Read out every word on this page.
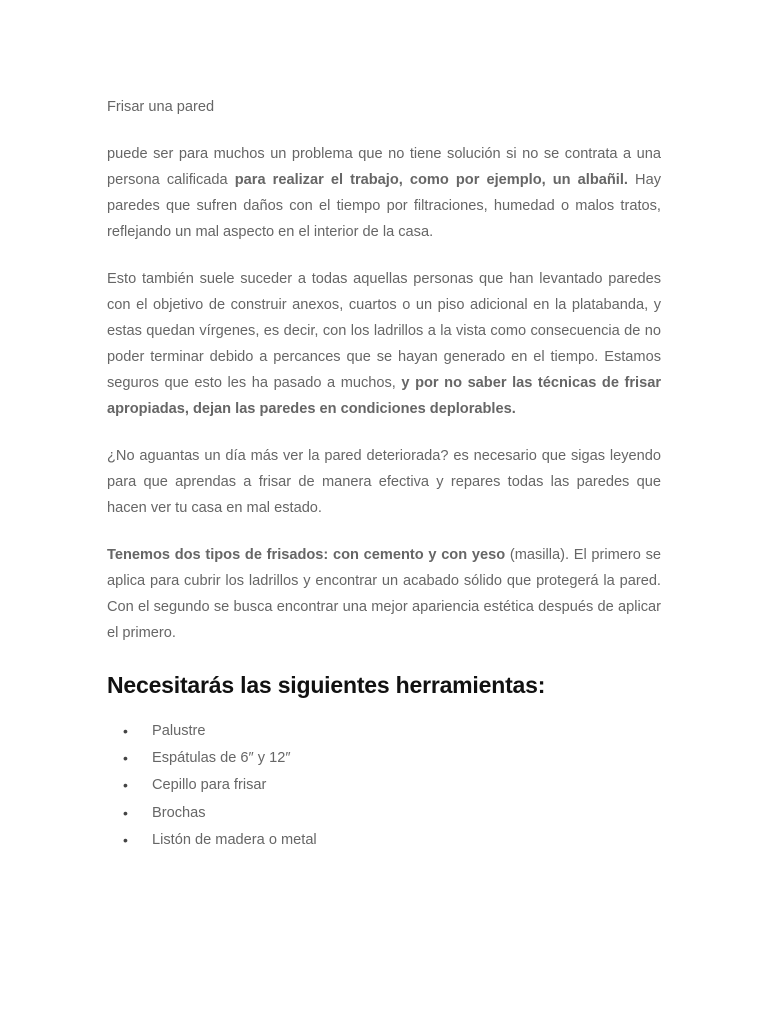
Frisar una pared

puede ser para muchos un problema que no tiene solución si no se contrata a una persona calificada para realizar el trabajo, como por ejemplo, un albañil. Hay paredes que sufren daños con el tiempo por filtraciones, humedad o malos tratos, reflejando un mal aspecto en el interior de la casa.

Esto también suele suceder a todas aquellas personas que han levantado paredes con el objetivo de construir anexos, cuartos o un piso adicional en la platabanda, y estas quedan vírgenes, es decir, con los ladrillos a la vista como consecuencia de no poder terminar debido a percances que se hayan generado en el tiempo. Estamos seguros que esto les ha pasado a muchos, y por no saber las técnicas de frisar apropiadas, dejan las paredes en condiciones deplorables.

¿No aguantas un día más ver la pared deteriorada? es necesario que sigas leyendo para que aprendas a frisar de manera efectiva y repares todas las paredes que hacen ver tu casa en mal estado.

Tenemos dos tipos de frisados: con cemento y con yeso (masilla). El primero se aplica para cubrir los ladrillos y encontrar un acabado sólido que protegerá la pared. Con el segundo se busca encontrar una mejor apariencia estética después de aplicar el primero.

Necesitarás las siguientes herramientas:
• Palustre
• Espátulas de 6″ y 12″
• Cepillo para frisar
• Brochas
• Listón de madera o metal
